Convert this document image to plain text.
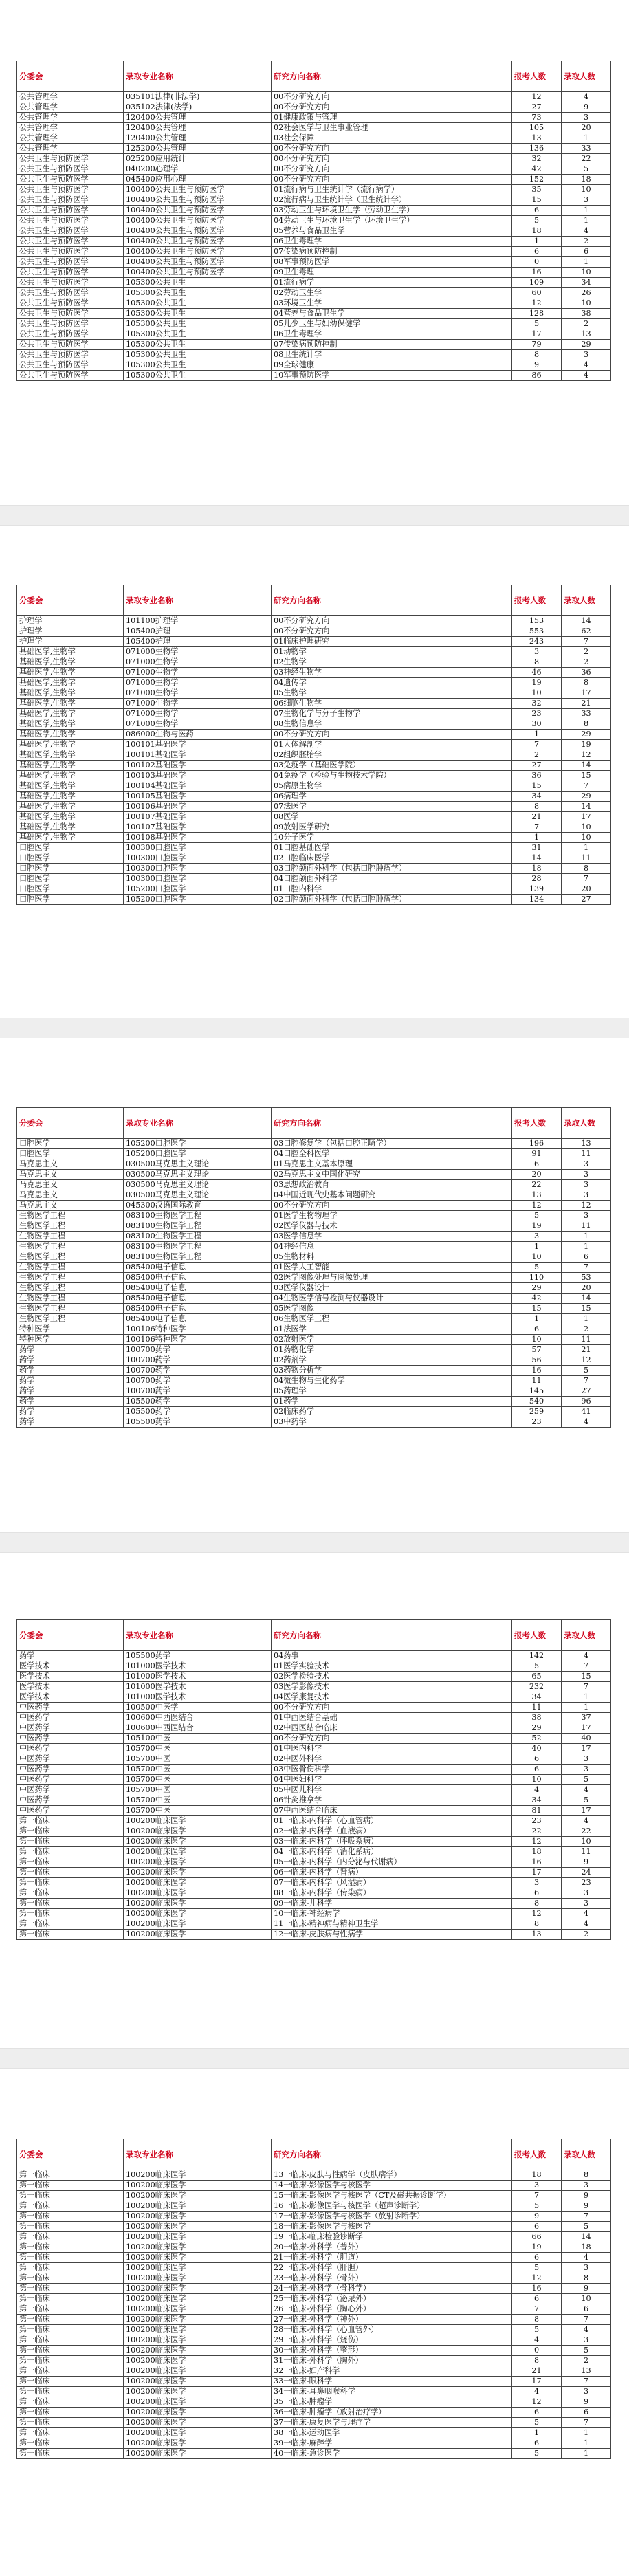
分委会	录取专业名称	研究方向名称	报考人数	录取人数
公共管理学	035101法律(非法学)	00不分研究方向	12	4
公共管理学	035102法律(法学)	00不分研究方向	27	9
公共管理学	120400公共管理	01健康政策与管理	73	3
公共管理学	120400公共管理	02社会医学与卫生事业管理	105	20
公共管理学	120400公共管理	03社会保障	13	1
公共管理学	125200公共管理	00不分研究方向	136	33
公共卫生与预防医学	025200应用统计	00不分研究方向	32	22
公共卫生与预防医学	040200心理学	00不分研究方向	42	5
公共卫生与预防医学	045400应用心理	00不分研究方向	152	18
公共卫生与预防医学	100400公共卫生与预防医学	01流行病与卫生统计学（流行病学）	35	10
公共卫生与预防医学	100400公共卫生与预防医学	02流行病与卫生统计学（卫生统计学）	15	3
公共卫生与预防医学	100400公共卫生与预防医学	03劳动卫生与环境卫生学（劳动卫生学）	6	1
公共卫生与预防医学	100400公共卫生与预防医学	04劳动卫生与环境卫生学（环境卫生学）	5	1
公共卫生与预防医学	100400公共卫生与预防医学	05营养与食品卫生学	18	4
公共卫生与预防医学	100400公共卫生与预防医学	06卫生毒理学	1	2
公共卫生与预防医学	100400公共卫生与预防医学	07传染病预防控制	6	6
公共卫生与预防医学	100400公共卫生与预防医学	08军事预防医学	0	1
公共卫生与预防医学	100400公共卫生与预防医学	09卫生毒理	16	10
公共卫生与预防医学	105300公共卫生	01流行病学	109	34
公共卫生与预防医学	105300公共卫生	02劳动卫生学	60	26
公共卫生与预防医学	105300公共卫生	03环境卫生学	12	10
公共卫生与预防医学	105300公共卫生	04营养与食品卫生学	128	38
公共卫生与预防医学	105300公共卫生	05儿少卫生与妇幼保健学	5	2
公共卫生与预防医学	105300公共卫生	06卫生毒理学	17	13
公共卫生与预防医学	105300公共卫生	07传染病预防控制	79	29
公共卫生与预防医学	105300公共卫生	08卫生统计学	8	3
公共卫生与预防医学	105300公共卫生	09全球健康	9	4
公共卫生与预防医学	105300公共卫生	10军事预防医学	86	4
分委会	录取专业名称	研究方向名称	报考人数	录取人数
护理学	101100护理学	00不分研究方向	153	14
护理学	105400护理	00不分研究方向	553	62
护理学	105400护理	01临床护理研究	243	7
基础医学,生物学	071000生物学	01动物学	3	2
基础医学,生物学	071000生物学	02生物学	8	2
基础医学,生物学	071000生物学	03神经生物学	46	36
基础医学,生物学	071000生物学	04遗传学	19	8
基础医学,生物学	071000生物学	05生物学	10	17
基础医学,生物学	071000生物学	06细胞生物学	32	21
基础医学,生物学	071000生物学	07生物化学与分子生物学	23	33
基础医学,生物学	071000生物学	08生物信息学	30	8
基础医学,生物学	086000生物与医药	00不分研究方向	1	29
基础医学,生物学	100101基础医学	01人体解剖学	7	19
基础医学,生物学	100101基础医学	02组织胚胎学	2	12
基础医学,生物学	100102基础医学	03免疫学（基础医学院）	27	14
基础医学,生物学	100103基础医学	04免疫学（检验与生物技术学院）	36	15
基础医学,生物学	100104基础医学	05病原生物学	15	7
基础医学,生物学	100105基础医学	06病理学	34	29
基础医学,生物学	100106基础医学	07法医学	8	14
基础医学,生物学	100107基础医学	08医学	21	17
基础医学,生物学	100107基础医学	09放射医学研究	7	10
基础医学,生物学	100108基础医学	10分子医学	1	10
口腔医学	100300口腔医学	01口腔基础医学	31	1
口腔医学	100300口腔医学	02口腔临床医学	14	11
口腔医学	100300口腔医学	03口腔颌面外科学（包括口腔肿瘤学）	18	8
口腔医学	100300口腔医学	04口腔颌面外科学	28	7
口腔医学	105200口腔医学	01口腔内科学	139	20
口腔医学	105200口腔医学	02口腔颌面外科学（包括口腔肿瘤学）	134	27
分委会	录取专业名称	研究方向名称	报考人数	录取人数
口腔医学	105200口腔医学	03口腔修复学（包括口腔正畸学）	196	13
口腔医学	105200口腔医学	04口腔全科医学	91	11
马克思主义	030500马克思主义理论	01马克思主义基本原理	6	3
马克思主义	030500马克思主义理论	02马克思主义中国化研究	20	3
马克思主义	030500马克思主义理论	03思想政治教育	22	3
马克思主义	030500马克思主义理论	04中国近现代史基本问题研究	13	3
马克思主义	045300汉语国际教育	00不分研究方向	12	12
生物医学工程	083100生物医学工程	01医学生物物理学	5	3
生物医学工程	083100生物医学工程	02医学仪器与技术	19	11
生物医学工程	083100生物医学工程	03医学信息学	3	1
生物医学工程	083100生物医学工程	04神经信息	1	1
生物医学工程	083100生物医学工程	05生物材料	10	6
生物医学工程	085400电子信息	01医学人工智能	5	7
生物医学工程	085400电子信息	02医学图像处理与图像处理	110	53
生物医学工程	085400电子信息	03医学仪器设计	29	20
生物医学工程	085400电子信息	04生物医学信号检测与仪器设计	42	14
生物医学工程	085400电子信息	05医学图像	15	15
生物医学工程	085400电子信息	06生物医学工程	1	1
特种医学	100106特种医学	01法医学	6	2
特种医学	100106特种医学	02放射医学	10	11
药学	100700药学	01药物化学	57	21
药学	100700药学	02药剂学	56	12
药学	100700药学	03药物分析学	16	5
药学	100700药学	04微生物与生化药学	11	7
药学	100700药学	05药理学	145	27
药学	105500药学	01药学	540	96
药学	105500药学	02临床药学	259	41
药学	105500药学	03中药学	23	4
分委会	录取专业名称	研究方向名称	报考人数	录取人数
药学	105500药学	04药事	142	4
医学技术	101000医学技术	01医学实验技术	5	7
医学技术	101000医学技术	02医学检验技术	65	15
医学技术	101000医学技术	03医学影像技术	232	7
医学技术	101000医学技术	04医学康复技术	34	1
中医药学	100500中医学	00不分研究方向	11	1
中医药学	100600中西医结合	01中西医结合基础	38	37
中医药学	100600中西医结合	02中西医结合临床	29	17
中医药学	105100中医	00不分研究方向	52	40
中医药学	105700中医	01中医内科学	40	17
中医药学	105700中医	02中医外科学	6	3
中医药学	105700中医	03中医骨伤科学	6	3
中医药学	105700中医	04中医妇科学	10	5
中医药学	105700中医	05中医儿科学	4	4
中医药学	105700中医	06针灸推拿学	34	5
中医药学	105700中医	07中西医结合临床	81	17
第一临床	100200临床医学	01一临床-内科学（心血管病）	23	4
第一临床	100200临床医学	02一临床-内科学（血液病）	22	22
第一临床	100200临床医学	03一临床-内科学（呼吸系病）	12	10
第一临床	100200临床医学	04一临床-内科学（消化系病）	18	11
第一临床	100200临床医学	05一临床-内科学（内分泌与代谢病）	16	9
第一临床	100200临床医学	06一临床-内科学（肾病）	17	24
第一临床	100200临床医学	07一临床-内科学（风湿病）	3	23
第一临床	100200临床医学	08一临床-内科学（传染病）	6	3
第一临床	100200临床医学	09一临床-儿科学	8	3
第一临床	100200临床医学	10一临床-神经病学	12	4
第一临床	100200临床医学	11一临床-精神病与精神卫生学	8	4
第一临床	100200临床医学	12一临床-皮肤病与性病学	13	2
分委会	录取专业名称	研究方向名称	报考人数	录取人数
第一临床	100200临床医学	13一临床-皮肤与性病学（皮肤病学）	18	8
第一临床	100200临床医学	14一临床-影像医学与核医学	3	3
第一临床	100200临床医学	15一临床-影像医学与核医学（CT及磁共振诊断学）	7	9
第一临床	100200临床医学	16一临床-影像医学与核医学（超声诊断学）	5	9
第一临床	100200临床医学	17一临床-影像医学与核医学（放射诊断学）	9	7
第一临床	100200临床医学	18一临床-影像医学与核医学	6	5
第一临床	100200临床医学	19一临床-临床检验诊断学	66	14
第一临床	100200临床医学	20一临床-外科学（普外）	19	18
第一临床	100200临床医学	21一临床-外科学（胆道）	6	4
第一临床	100200临床医学	22一临床-外科学（肝胆）	5	3
第一临床	100200临床医学	23一临床-外科学（骨外）	12	8
第一临床	100200临床医学	24一临床-外科学（骨科学）	16	9
第一临床	100200临床医学	25一临床-外科学（泌尿外）	6	10
第一临床	100200临床医学	26一临床-外科学（胸心外）	7	6
第一临床	100200临床医学	27一临床-外科学（神外）	8	7
第一临床	100200临床医学	28一临床-外科学（心血管外）	5	4
第一临床	100200临床医学	29一临床-外科学（烧伤）	4	3
第一临床	100200临床医学	30一临床-外科学（整形）	0	5
第一临床	100200临床医学	31一临床-外科学（胸外）	8	2
第一临床	100200临床医学	32一临床-妇产科学	21	13
第一临床	100200临床医学	33一临床-眼科学	17	7
第一临床	100200临床医学	34一临床-耳鼻咽喉科学	4	3
第一临床	100200临床医学	35一临床-肿瘤学	12	9
第一临床	100200临床医学	36一临床-肿瘤学（放射治疗学）	6	6
第一临床	100200临床医学	37一临床-康复医学与理疗学	5	7
第一临床	100200临床医学	38一临床-运动医学	1	1
第一临床	100200临床医学	39一临床-麻醉学	6	1
第一临床	100200临床医学	40一临床-急诊医学	5	1
